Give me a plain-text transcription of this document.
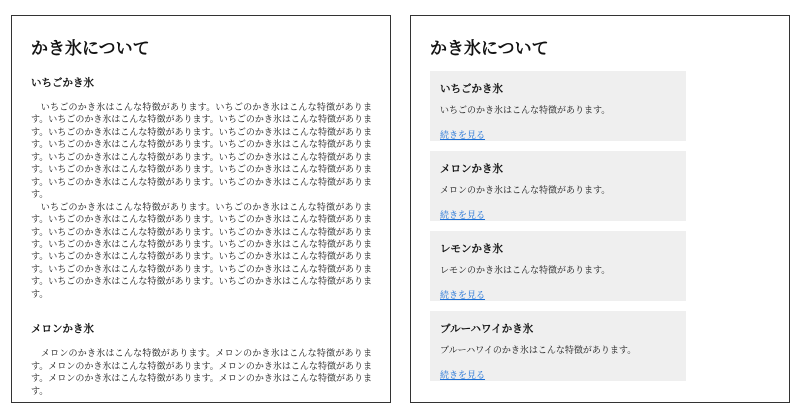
かき氷について
いちごかき氷

いちごのかき氷はこんな特徴があります。いちごのかき氷はこんな特徴があります。いちごのかき氷はこんな特徴があります。いちごのかき氷はこんな特徴があります。いちごのかき氷はこんな特徴があります。いちごのかき氷はこんな特徴があります。いちごのかき氷はこんな特徴があります。いちごのかき氷はこんな特徴があります。いちごのかき氷はこんな特徴があります。いちごのかき氷はこんな特徴があります。いちごのかき氷はこんな特徴があります。いちごのかき氷はこんな特徴があります。いちごのかき氷はこんな特徴があります。いちごのかき氷はこんな特徴があります。

いちごのかき氷はこんな特徴があります。いちごのかき氷はこんな特徴があります。いちごのかき氷はこんな特徴があります。いちごのかき氷はこんな特徴があります。いちごのかき氷はこんな特徴があります。いちごのかき氷はこんな特徴があります。いちごのかき氷はこんな特徴があります。いちごのかき氷はこんな特徴があります。いちごのかき氷はこんな特徴があります。いちごのかき氷はこんな特徴があります。いちごのかき氷はこんな特徴があります。いちごのかき氷はこんな特徴があります。いちごのかき氷はこんな特徴があります。いちごのかき氷はこんな特徴があります。

メロンかき氷

メロンのかき氷はこんな特徴があります。メロンのかき氷はこんな特徴があります。メロンのかき氷はこんな特徴があります。メロンのかき氷はこんな特徴があります。メロンのかき氷はこんな特徴があります。メロンのかき氷はこんな特徴があります。

かき氷について
いちごかき氷

いちごのかき氷はこんな特徴があります。

続きを見る
メロンかき氷

メロンのかき氷はこんな特徴があります。

続きを見る
レモンかき氷

レモンのかき氷はこんな特徴があります。

続きを見る
ブルーハワイかき氷

ブルーハワイのかき氷はこんな特徴があります。

続きを見る
